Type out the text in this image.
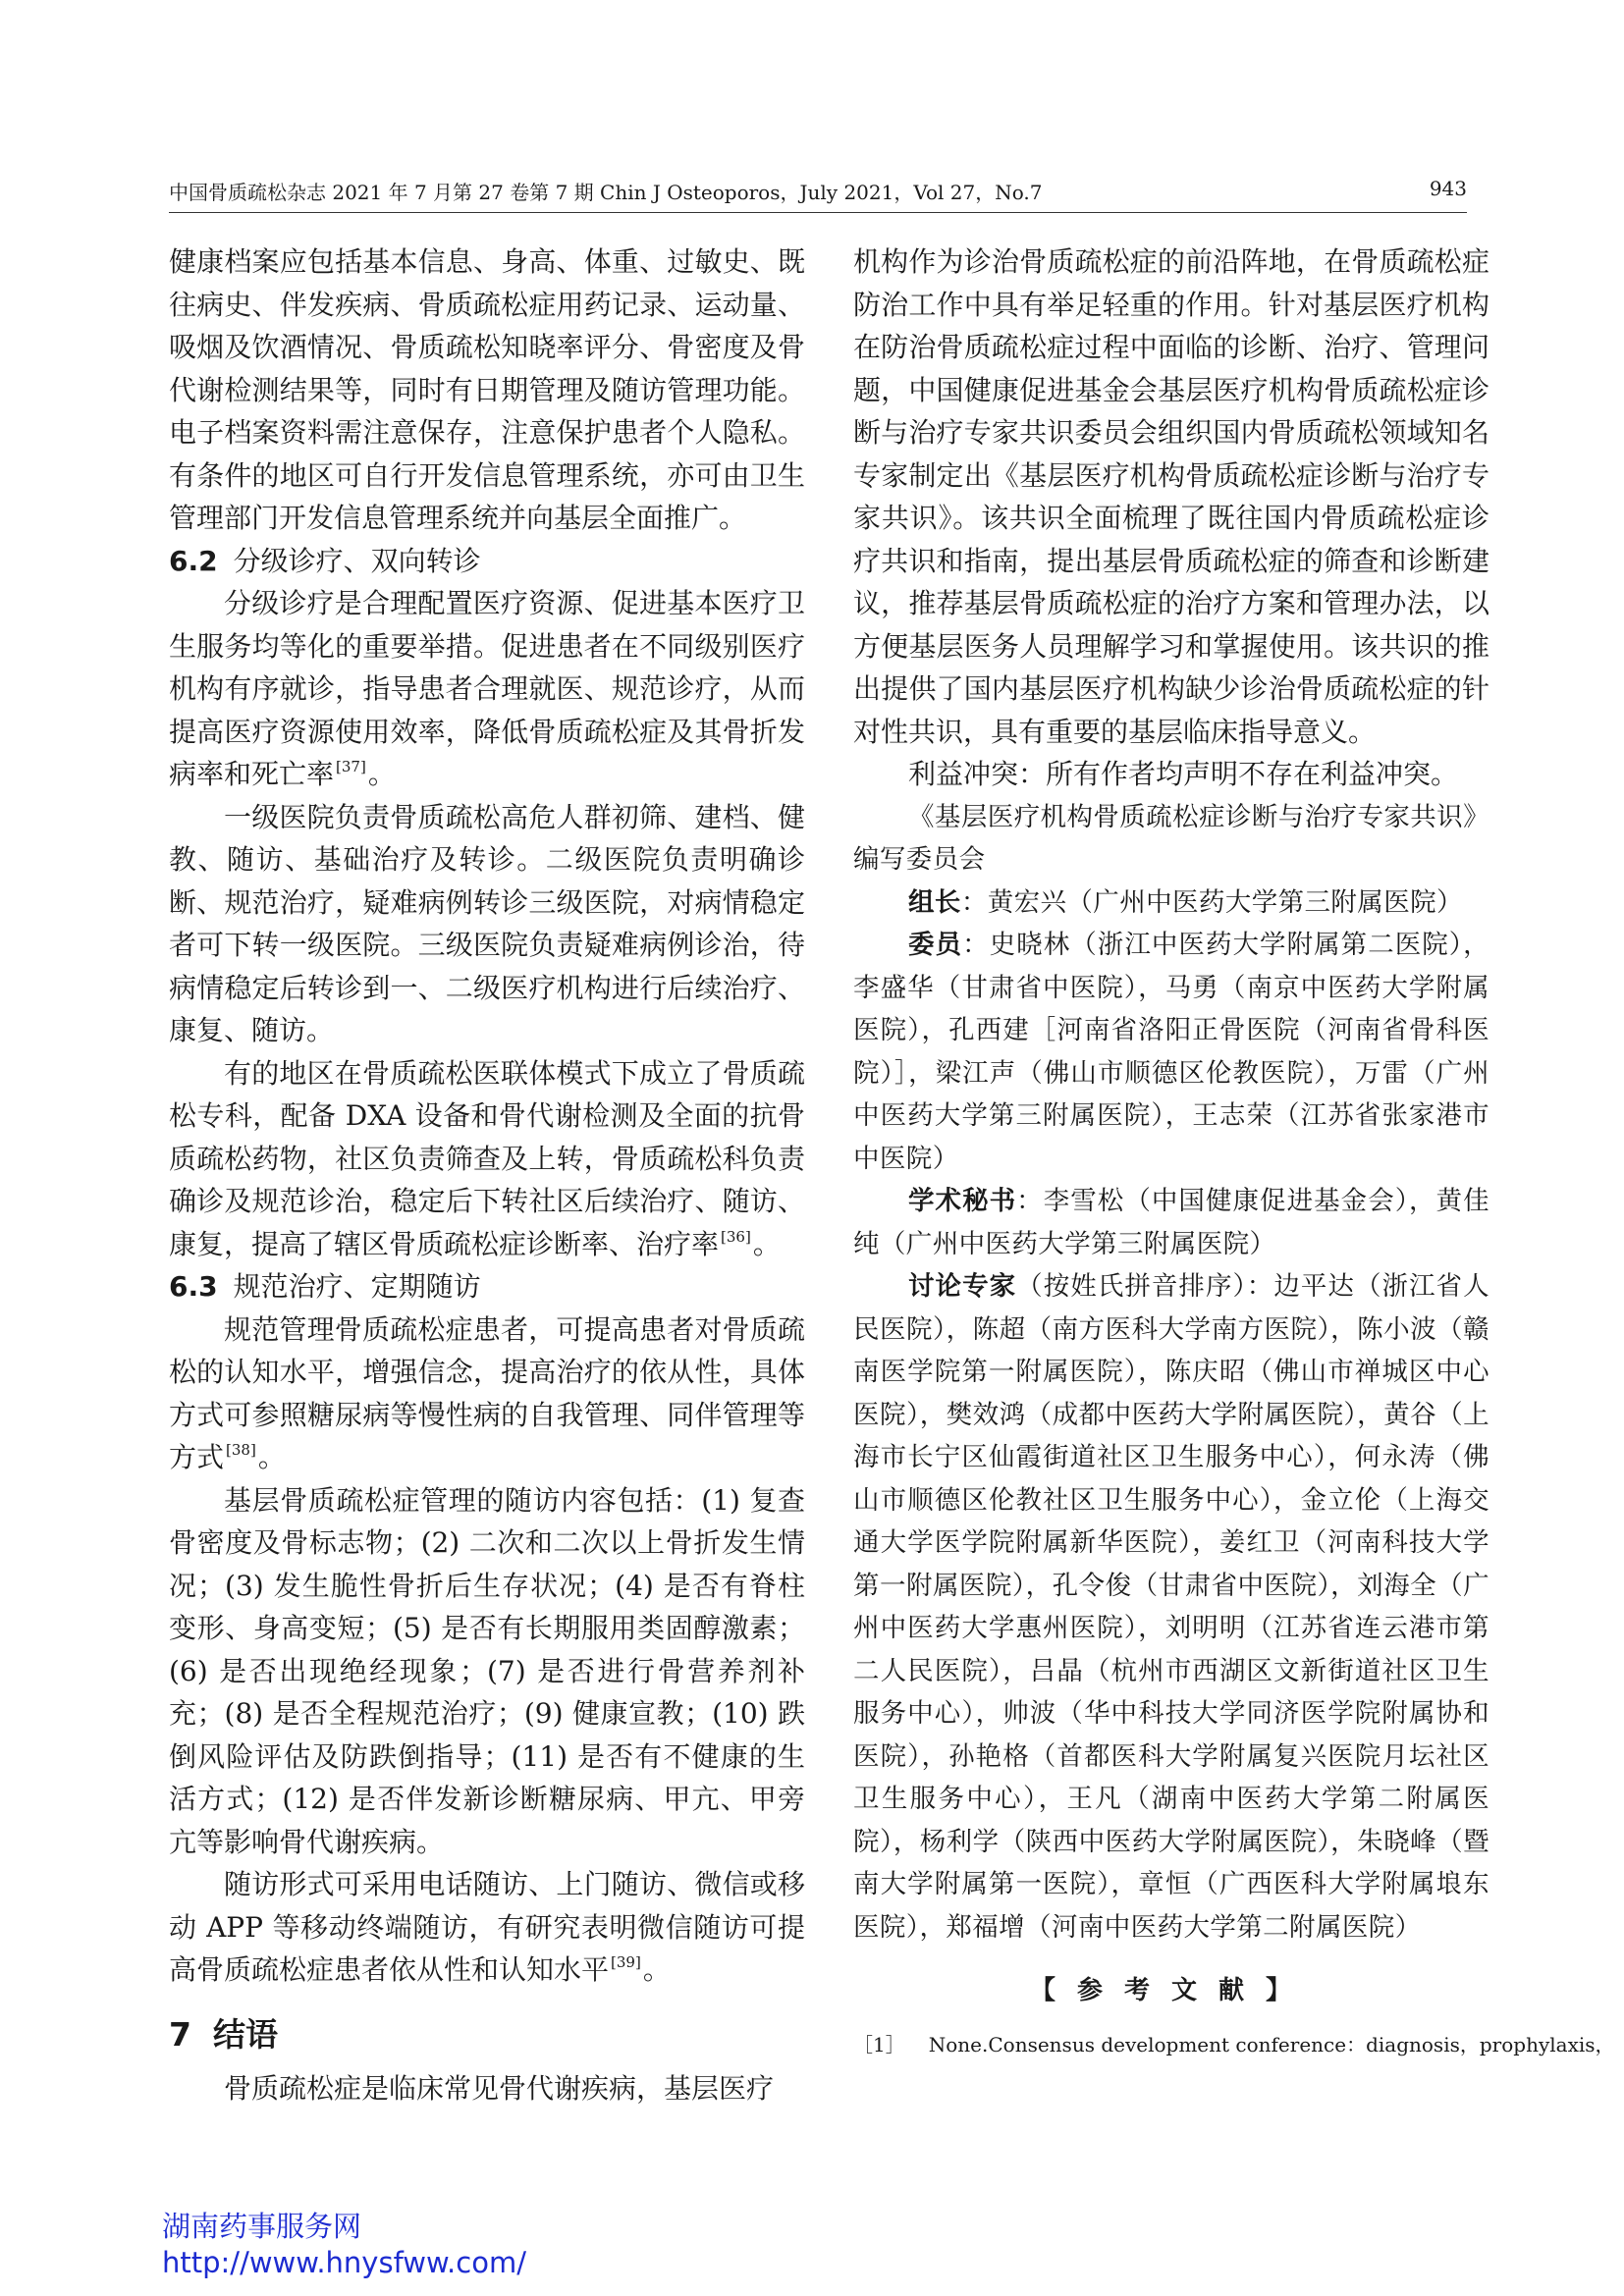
中国骨质疏松杂志 2021 年 7 月第 27 卷第 7 期 Chin J Osteoporos，July 2021，Vol 27，No.7	943

健康档案应包括基本信息、身高、体重、过敏史、既往病史、伴发疾病、骨质疏松症用药记录、运动量、吸烟及饮酒情况、骨质疏松知晓率评分、骨密度及骨代谢检测结果等，同时有日期管理及随访管理功能。电子档案资料需注意保存，注意保护患者个人隐私。有条件的地区可自行开发信息管理系统，亦可由卫生管理部门开发信息管理系统并向基层全面推广。

6.2 分级诊疗、双向转诊

分级诊疗是合理配置医疗资源、促进基本医疗卫生服务均等化的重要举措。促进患者在不同级别医疗机构有序就诊，指导患者合理就医、规范诊疗，从而提高医疗资源使用效率，降低骨质疏松症及其骨折发病率和死亡率 [37]。

一级医院负责骨质疏松高危人群初筛、建档、健教、随访、基础治疗及转诊。二级医院负责明确诊断、规范治疗，疑难病例转诊三级医院，对病情稳定者可下转一级医院。三级医院负责疑难病例诊治，待病情稳定后转诊到一、二级医疗机构进行后续治疗、康复、随访。

有的地区在骨质疏松医联体模式下成立了骨质疏松专科，配备 DXA 设备和骨代谢检测及全面的抗骨质疏松药物，社区负责筛查及上转，骨质疏松科负责确诊及规范诊治，稳定后下转社区后续治疗、随访、康复，提高了辖区骨质疏松症诊断率、治疗率 [36]。

6.3 规范治疗、定期随访

规范管理骨质疏松症患者，可提高患者对骨质疏松的认知水平，增强信念，提高治疗的依从性，具体方式可参照糖尿病等慢性病的自我管理、同伴管理等方式 [38]。

基层骨质疏松症管理的随访内容包括：(1) 复查骨密度及骨标志物；(2) 二次和二次以上骨折发生情况；(3) 发生脆性骨折后生存状况；(4) 是否有脊柱变形、身高变短；(5) 是否有长期服用类固醇激素；(6) 是否出现绝经现象；(7) 是否进行骨营养剂补充；(8) 是否全程规范治疗；(9) 健康宣教；(10) 跌倒风险评估及防跌倒指导；(11) 是否有不健康的生活方式；(12) 是否伴发新诊断糖尿病、甲亢、甲旁亢等影响骨代谢疾病。

随访形式可采用电话随访、上门随访、微信或移动 APP 等移动终端随访，有研究表明微信随访可提高骨质疏松症患者依从性和认知水平 [39]。

7 结语

骨质疏松症是临床常见骨代谢疾病，基层医疗

机构作为诊治骨质疏松症的前沿阵地，在骨质疏松症防治工作中具有举足轻重的作用。针对基层医疗机构在防治骨质疏松症过程中面临的诊断、治疗、管理问题，中国健康促进基金会基层医疗机构骨质疏松症诊断与治疗专家共识委员会组织国内骨质疏松领域知名专家制定出《基层医疗机构骨质疏松症诊断与治疗专家共识》。该共识全面梳理了既往国内骨质疏松症诊疗共识和指南，提出基层骨质疏松症的筛查和诊断建议，推荐基层骨质疏松症的治疗方案和管理办法，以方便基层医务人员理解学习和掌握使用。该共识的推出提供了国内基层医疗机构缺少诊治骨质疏松症的针对性共识，具有重要的基层临床指导意义。

利益冲突：所有作者均声明不存在利益冲突。

《基层医疗机构骨质疏松症诊断与治疗专家共识》编写委员会

组长：黄宏兴（广州中医药大学第三附属医院）

委员：史晓林（浙江中医药大学附属第二医院），李盛华（甘肃省中医院），马勇（南京中医药大学附属医院），孔西建［河南省洛阳正骨医院（河南省骨科医院）］，梁江声（佛山市顺德区伦教医院），万雷（广州中医药大学第三附属医院），王志荣（江苏省张家港市中医院）

学术秘书：李雪松（中国健康促进基金会），黄佳纯（广州中医药大学第三附属医院）

讨论专家（按姓氏拼音排序）：边平达（浙江省人民医院），陈超（南方医科大学南方医院），陈小波（赣南医学院第一附属医院），陈庆昭（佛山市禅城区中心医院），樊效鸿（成都中医药大学附属医院），黄谷（上海市长宁区仙霞街道社区卫生服务中心），何永涛（佛山市顺德区伦教社区卫生服务中心），金立伦（上海交通大学医学院附属新华医院），姜红卫（河南科技大学第一附属医院），孔令俊（甘肃省中医院），刘海全（广州中医药大学惠州医院），刘明明（江苏省连云港市第二人民医院），吕晶（杭州市西湖区文新街道社区卫生服务中心），帅波（华中科技大学同济医学院附属协和医院），孙艳格（首都医科大学附属复兴医院月坛社区卫生服务中心），王凡（湖南中医药大学第二附属医院），杨利学（陕西中医药大学附属医院），朱晓峰（暨南大学附属第一医院），章恒（广西医科大学附属埌东医院），郑福增（河南中医药大学第二附属医院）

【参考文献】

［1］ None.Consensus development conference：diagnosis，prophylaxis，

湖南药事服务网
http://www.hnysfww.com/
